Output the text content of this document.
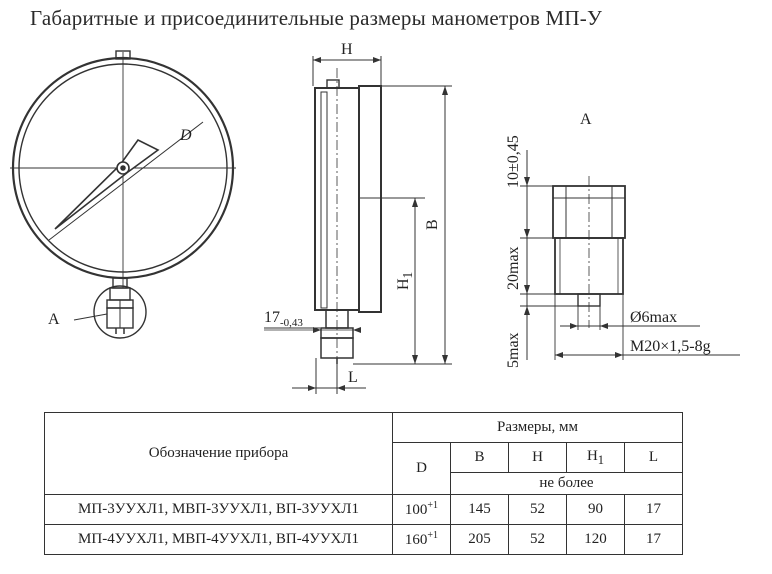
Габаритные и присоединительные размеры манометров МП-У
D
A
H
B
$H_1$
L
$17_{-0,43}$
A
10±0,45
20max
5max
Ø6max
M20×1,5-8g
Обозначение прибора	Размеры, мм				
	D	B	H	$H_1$	L
		не более			
МП-3УУХЛ1, МВП-3УУХЛ1, ВП-3УУХЛ1	$100^{+1}$	145	52	90	17
МП-4УУХЛ1, МВП-4УУХЛ1, ВП-4УУХЛ1	$160^{+1}$	205	52	120	17
